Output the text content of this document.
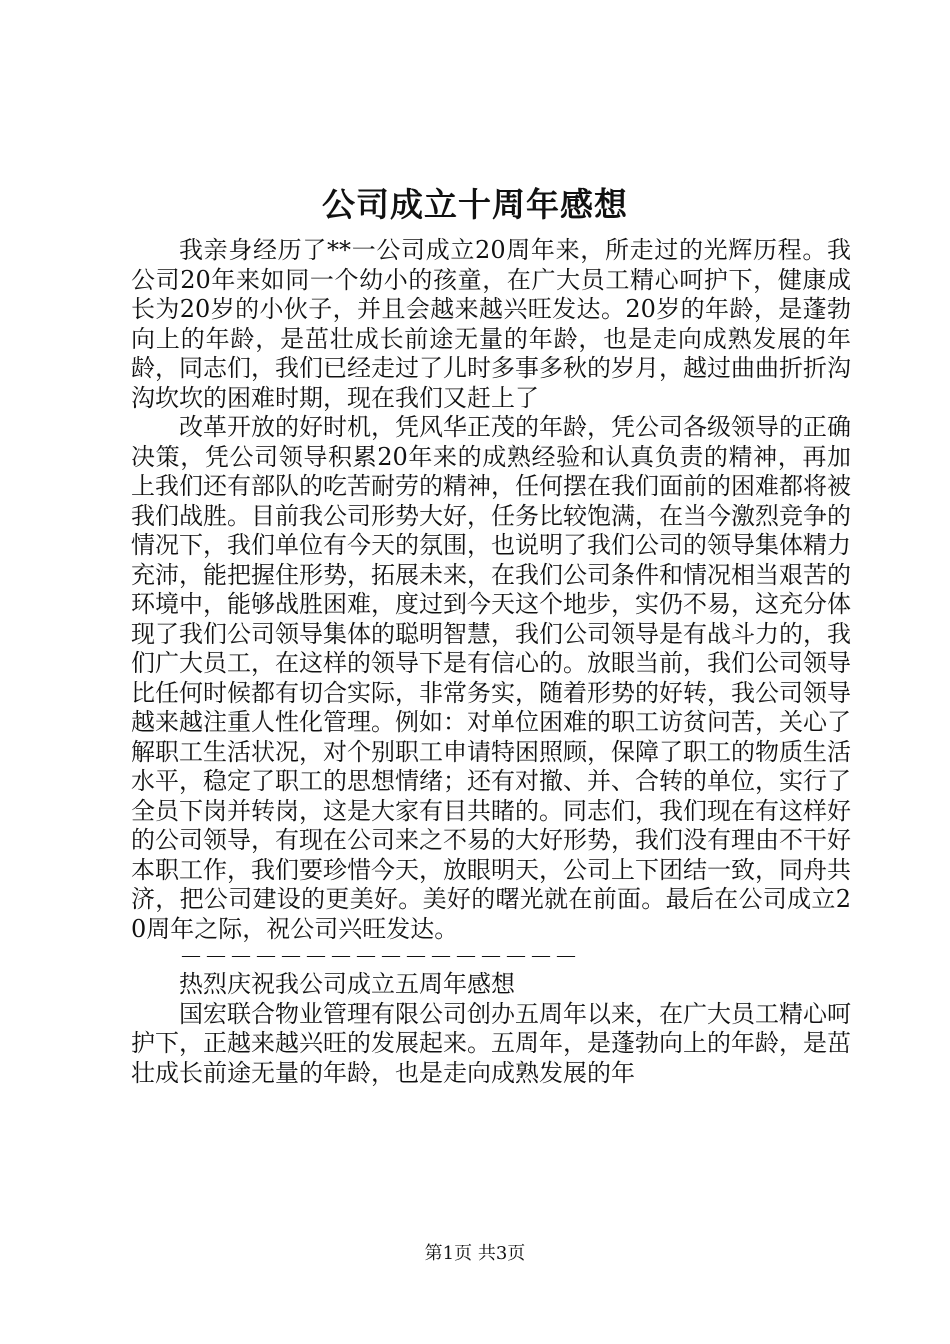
公司成立十周年感想

我亲身经历了**一公司成立20周年来，所走过的光辉历程。我公司20年来如同一个幼小的孩童，在广大员工精心呵护下，健康成长为20岁的小伙子，并且会越来越兴旺发达。20岁的年龄，是蓬勃向上的年龄，是茁壮成长前途无量的年龄，也是走向成熟发展的年龄，同志们，我们已经走过了儿时多事多秋的岁月，越过曲曲折折沟沟坎坎的困难时期，现在我们又赶上了

改革开放的好时机，凭风华正茂的年龄，凭公司各级领导的正确决策，凭公司领导积累20年来的成熟经验和认真负责的精神，再加上我们还有部队的吃苦耐劳的精神，任何摆在我们面前的困难都将被我们战胜。目前我公司形势大好，任务比较饱满，在当今激烈竞争的情况下，我们单位有今天的氛围，也说明了我们公司的领导集体精力充沛，能把握住形势，拓展未来，在我们公司条件和情况相当艰苦的环境中，能够战胜困难，度过到今天这个地步，实仍不易，这充分体现了我们公司领导集体的聪明智慧，我们公司领导是有战斗力的，我们广大员工，在这样的领导下是有信心的。放眼当前，我们公司领导比任何时候都有切合实际，非常务实，随着形势的好转，我公司领导越来越注重人性化管理。例如：对单位困难的职工访贫问苦，关心了解职工生活状况，对个别职工申请特困照顾，保障了职工的物质生活水平，稳定了职工的思想情绪；还有对撤、并、合转的单位，实行了全员下岗并转岗，这是大家有目共睹的。同志们，我们现在有这样好的公司领导，有现在公司来之不易的大好形势，我们没有理由不干好本职工作，我们要珍惜今天，放眼明天，公司上下团结一致，同舟共济，把公司建设的更美好。美好的曙光就在前面。最后在公司成立20周年之际，祝公司兴旺发达。

－－－－－－－－－－－－－－－－

热烈庆祝我公司成立五周年感想

国宏联合物业管理有限公司创办五周年以来，在广大员工精心呵护下，正越来越兴旺的发展起来。五周年，是蓬勃向上的年龄，是茁壮成长前途无量的年龄，也是走向成熟发展的年

第1页 共3页
